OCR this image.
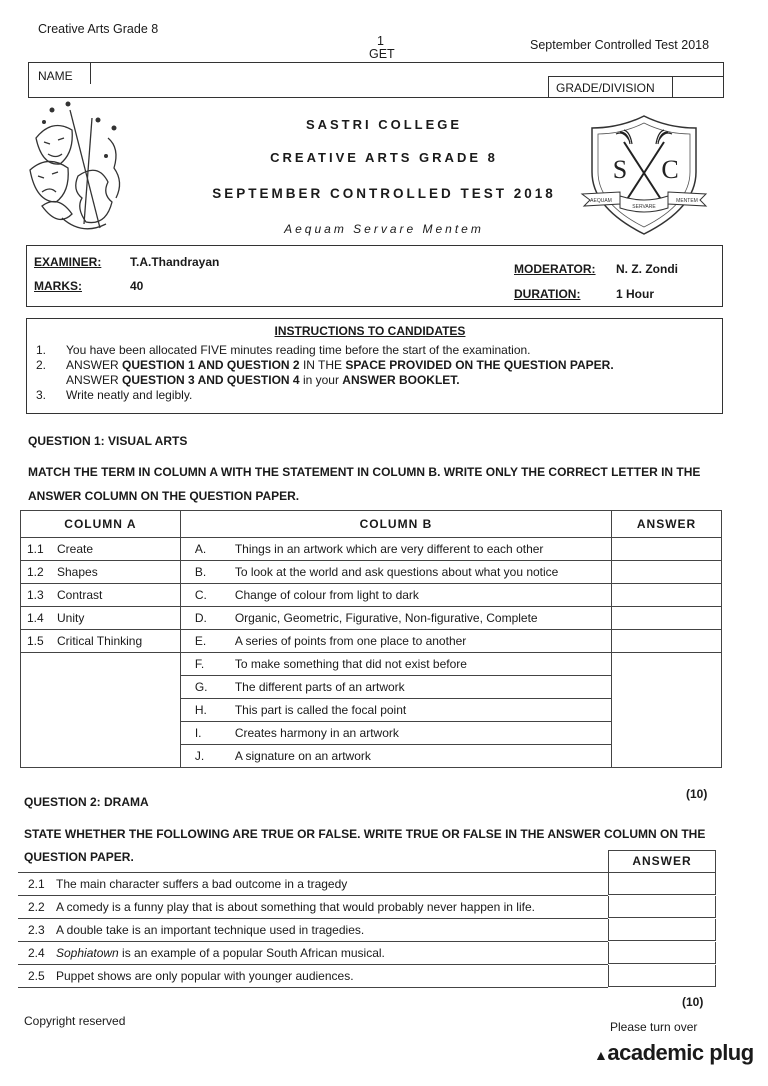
Creative Arts Grade 8
1
GET
September Controlled Test 2018
NAME
GRADE/DIVISION
SASTRI COLLEGE
CREATIVE ARTS GRADE 8
SEPTEMBER CONTROLLED TEST 2018
Aequam Servare Mentem
S C
AEQUAM
SERVARE
MENTEM
EXAMINER: T.A.Thandrayan
MARKS:	40
MODERATOR: N. Z. Zondi
DURATION:	1 Hour
INSTRUCTIONS TO CANDIDATES
1. You have been allocated FIVE minutes reading time before the start of the examination.
2. ANSWER QUESTION 1 AND QUESTION 2 IN THE SPACE PROVIDED ON THE QUESTION PAPER.
ANSWER QUESTION 3 AND QUESTION 4 in your ANSWER BOOKLET.
3. Write neatly and legibly.
QUESTION 1: VISUAL ARTS
MATCH THE TERM IN COLUMN A WITH THE STATEMENT IN COLUMN B. WRITE ONLY THE CORRECT LETTER IN THE
ANSWER COLUMN ON THE QUESTION PAPER.
COLUMN A	COLUMN B	ANSWER
1.1 Create	A. Things in an artwork which are very different to each other	
1.2 Shapes	B. To look at the world and ask questions about what you notice	
1.3 Contrast	C. Change of colour from light to dark	
1.4 Unity	D. Organic, Geometric, Figurative, Non-figurative, Complete	
1.5 Critical Thinking	E. A series of points from one place to another	
	F. To make something that did not exist before	
	G. The different parts of an artwork	
	H. This part is called the focal point	
	I. Creates harmony in an artwork	
	J. A signature on an artwork	
(10)
QUESTION 2: DRAMA
STATE WHETHER THE FOLLOWING ARE TRUE OR FALSE. WRITE TRUE OR FALSE IN THE ANSWER COLUMN ON THE
QUESTION PAPER.	ANSWER
2.1 The main character suffers a bad outcome in a tragedy
2.2 A comedy is a funny play that is about something that would probably never happen in life.
2.3 A double take is an important technique used in tragedies.
2.4 Sophiatown is an example of a popular South African musical.
2.5 Puppet shows are only popular with younger audiences.
(10)
Copyright reserved	Please turn over
▲academic plug
